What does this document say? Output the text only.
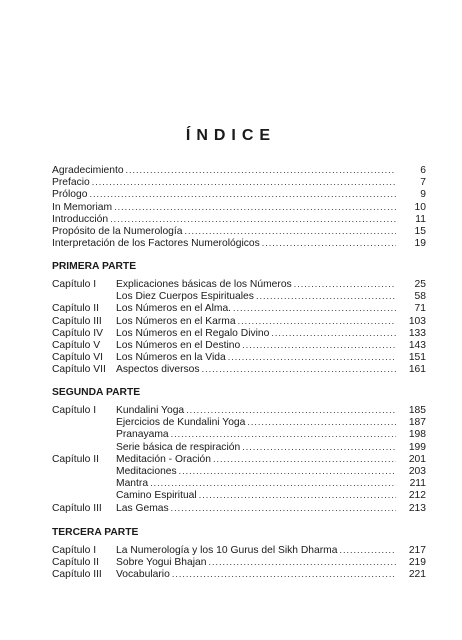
ÍNDICE
Agradecimiento .....	6
Prefacio .....	7
Prólogo .....	9
In Memoriam .....	10
Introducción .....	11
Propósito de la Numerología .....	15
Interpretación de los Factores Numerológicos .....	19
PRIMERA PARTE
Capítulo I	Explicaciones básicas de los Números .....	25
Los Diez Cuerpos Espirituales .....	58
Capítulo II	Los Números en el Alma. .....	71
Capítulo III	Los Números en el Karma .....	103
Capítulo IV	Los Números en el Regalo Divino .....	133
Capítulo V	Los Números en el Destino .....	143
Capítulo VI	Los Números en la Vida .....	151
Capítulo VII Aspectos diversos .....	161
SEGUNDA PARTE
Capítulo I	Kundalini Yoga .....	185
Ejercicios de Kundalini Yoga .....	187
Pranayama .....	198
Serie básica de respiración .....	199
Capítulo II	Meditación - Oración .....	201
Meditaciones .....	203
Mantra .....	211
Camino Espiritual .....	212
Capítulo III	Las Gemas .....	213
TERCERA PARTE
Capítulo I	La Numerología y los 10 Gurus del Sikh Dharma .....	217
Capítulo II	Sobre Yogui Bhajan .....	219
Capítulo III	Vocabulario .....	221
